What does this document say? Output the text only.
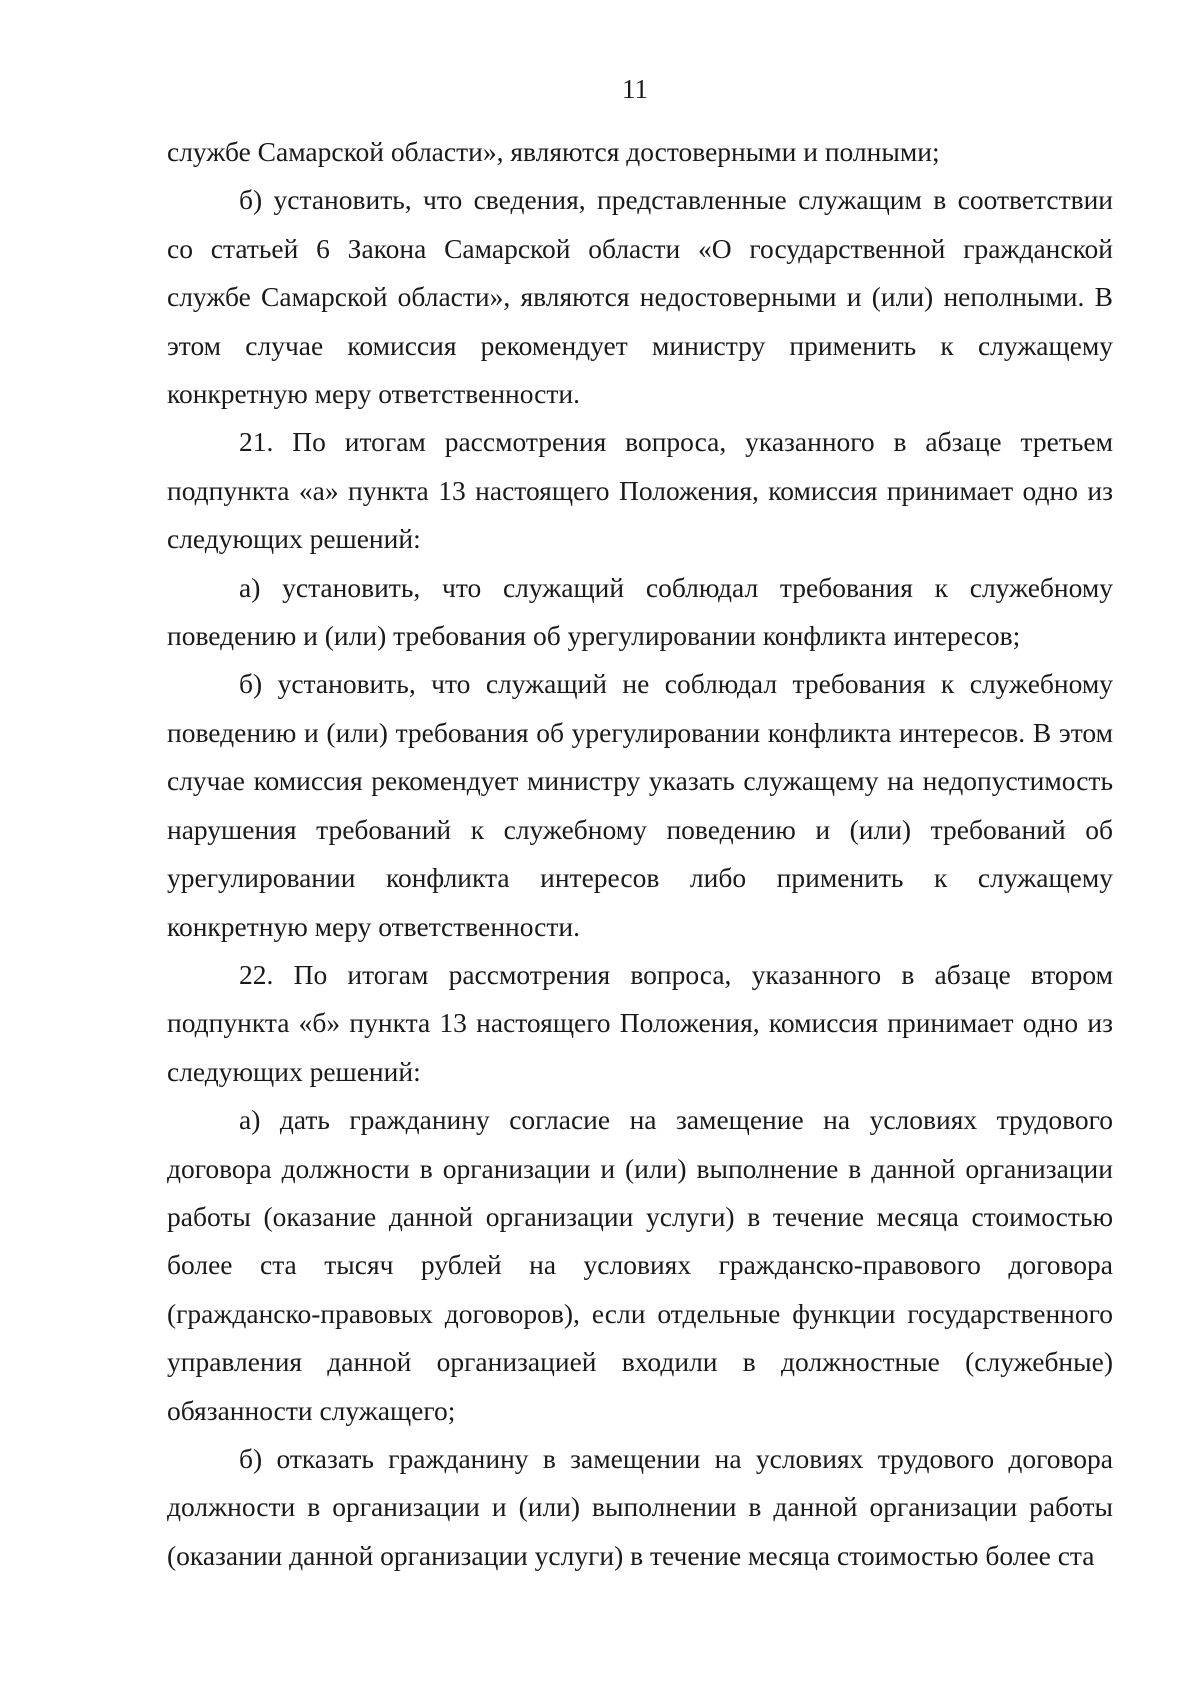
11

службе Самарской области», являются достоверными и полными;

б) установить, что сведения, представленные служащим в соответствии со статьей 6 Закона Самарской области «О государственной гражданской службе Самарской области», являются недостоверными и (или) неполными. В этом случае комиссия рекомендует министру применить к служащему конкретную меру ответственности.

21. По итогам рассмотрения вопроса, указанного в абзаце третьем подпункта «а» пункта 13 настоящего Положения, комиссия принимает одно из следующих решений:

а) установить, что служащий соблюдал требования к служебному поведению и (или) требования об урегулировании конфликта интересов;

б) установить, что служащий не соблюдал требования к служебному поведению и (или) требования об урегулировании конфликта интересов. В этом случае комиссия рекомендует министру указать служащему на недопустимость нарушения требований к служебному поведению и (или) требований об урегулировании конфликта интересов либо применить к служащему конкретную меру ответственности.

22. По итогам рассмотрения вопроса, указанного в абзаце втором подпункта «б» пункта 13 настоящего Положения, комиссия принимает одно из следующих решений:

а) дать гражданину согласие на замещение на условиях трудового договора должности в организации и (или) выполнение в данной организации работы (оказание данной организации услуги) в течение месяца стоимостью более ста тысяч рублей на условиях гражданско-правового договора (гражданско-правовых договоров), если отдельные функции государственного управления данной организацией входили в должностные (служебные) обязанности служащего;

б) отказать гражданину в замещении на условиях трудового договора должности в организации и (или) выполнении в данной организации работы (оказании данной организации услуги) в течение месяца стоимостью более ста
